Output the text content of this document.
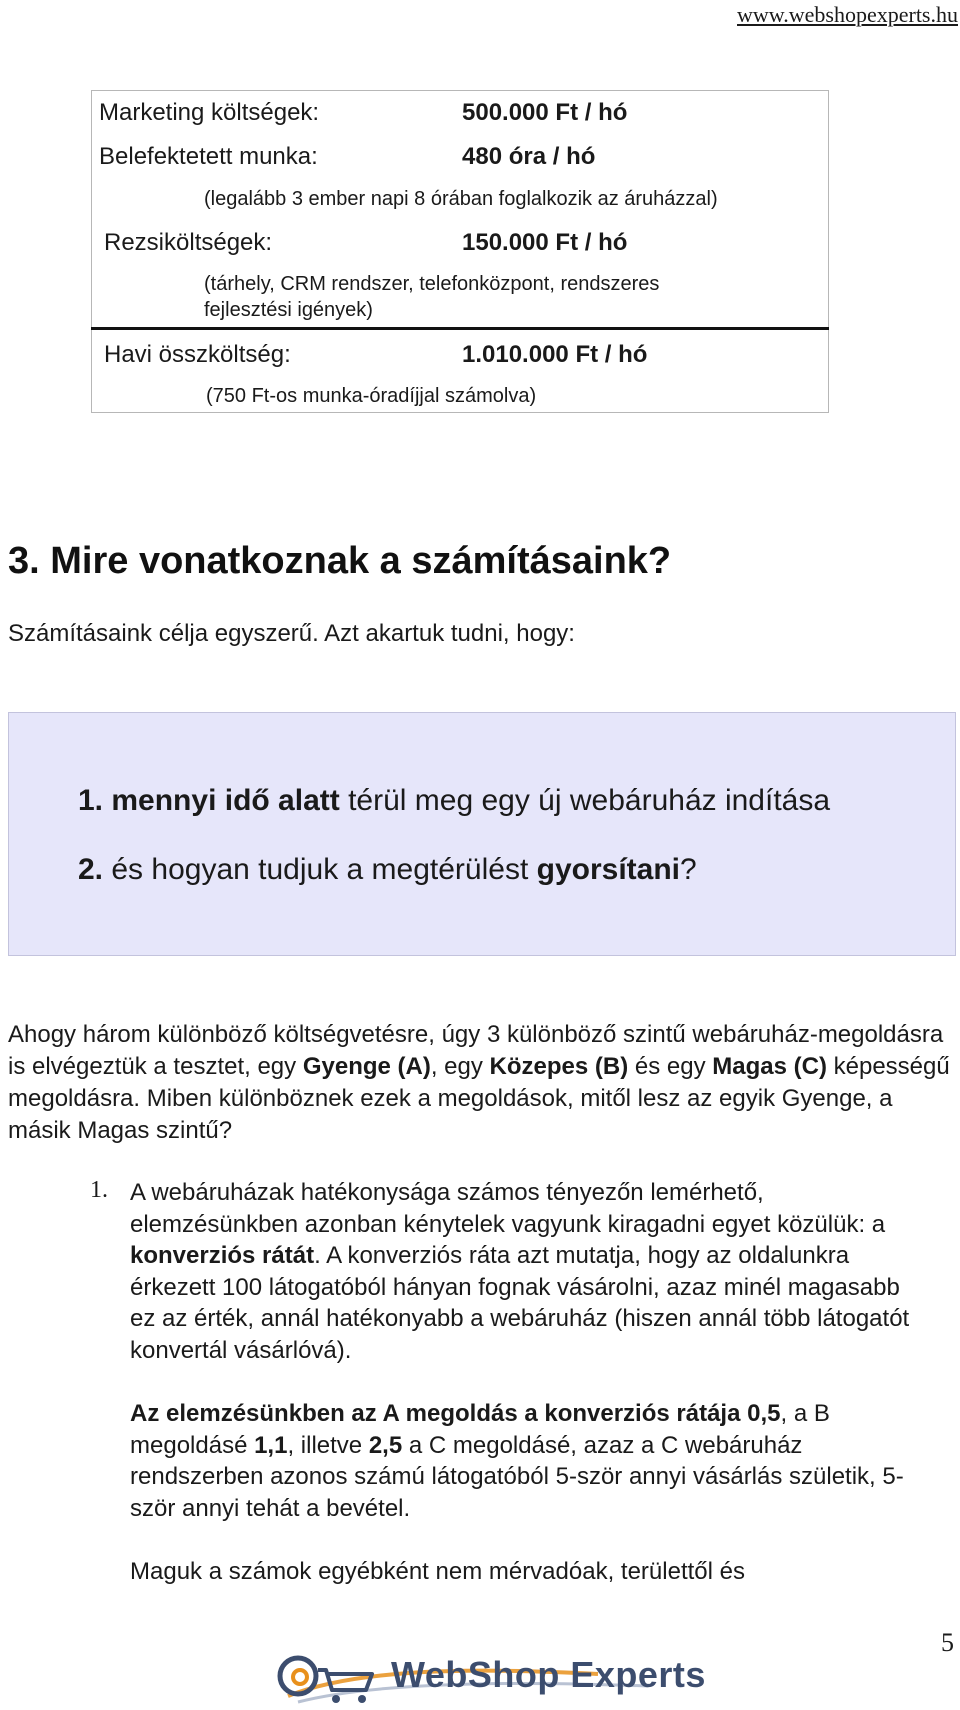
www.webshopexperts.hu
Marketing költségek:	500.000 Ft / hó
Belefektetett munka:	480 óra / hó
(legalább 3 ember napi 8 órában foglalkozik az áruházzal)
Rezsiköltségek:	150.000 Ft / hó
(tárhely, CRM rendszer, telefonközpont, rendszeres
fejlesztési igények)
Havi összköltség:	1.010.000 Ft / hó
(750 Ft-os munka-óradíjjal számolva)
3. Mire vonatkoznak a számításaink?
Számításaink célja egyszerű. Azt akartuk tudni, hogy:
1. mennyi idő alatt térül meg egy új webáruház indítása
2. és hogyan tudjuk a megtérülést gyorsítani?
Ahogy három különböző költségvetésre, úgy 3 különböző szintű webáruház-megoldásra is elvégeztük a tesztet, egy Gyenge (A), egy Közepes (B) és egy Magas (C) képességű megoldásra. Miben különböznek ezek a megoldások, mitől lesz az egyik Gyenge, a másik Magas szintű?
1. A webáruházak hatékonysága számos tényezőn lemérhető, elemzésünkben azonban kénytelek vagyunk kiragadni egyet közülük: a konverziós rátát. A konverziós ráta azt mutatja, hogy az oldalunkra érkezett 100 látogatóból hányan fognak vásárolni, azaz minél magasabb ez az érték, annál hatékonyabb a webáruház (hiszen annál több látogatót konvertál vásárlóvá).
Az elemzésünkben az A megoldás a konverziós rátája 0,5, a B megoldásé 1,1, illetve 2,5 a C megoldásé, azaz a C webáruház rendszerben azonos számú látogatóból 5-ször annyi vásárlás születik, 5-ször annyi tehát a bevétel.
Maguk a számok egyébként nem mérvadóak, területtől és
5
WebShop Experts
